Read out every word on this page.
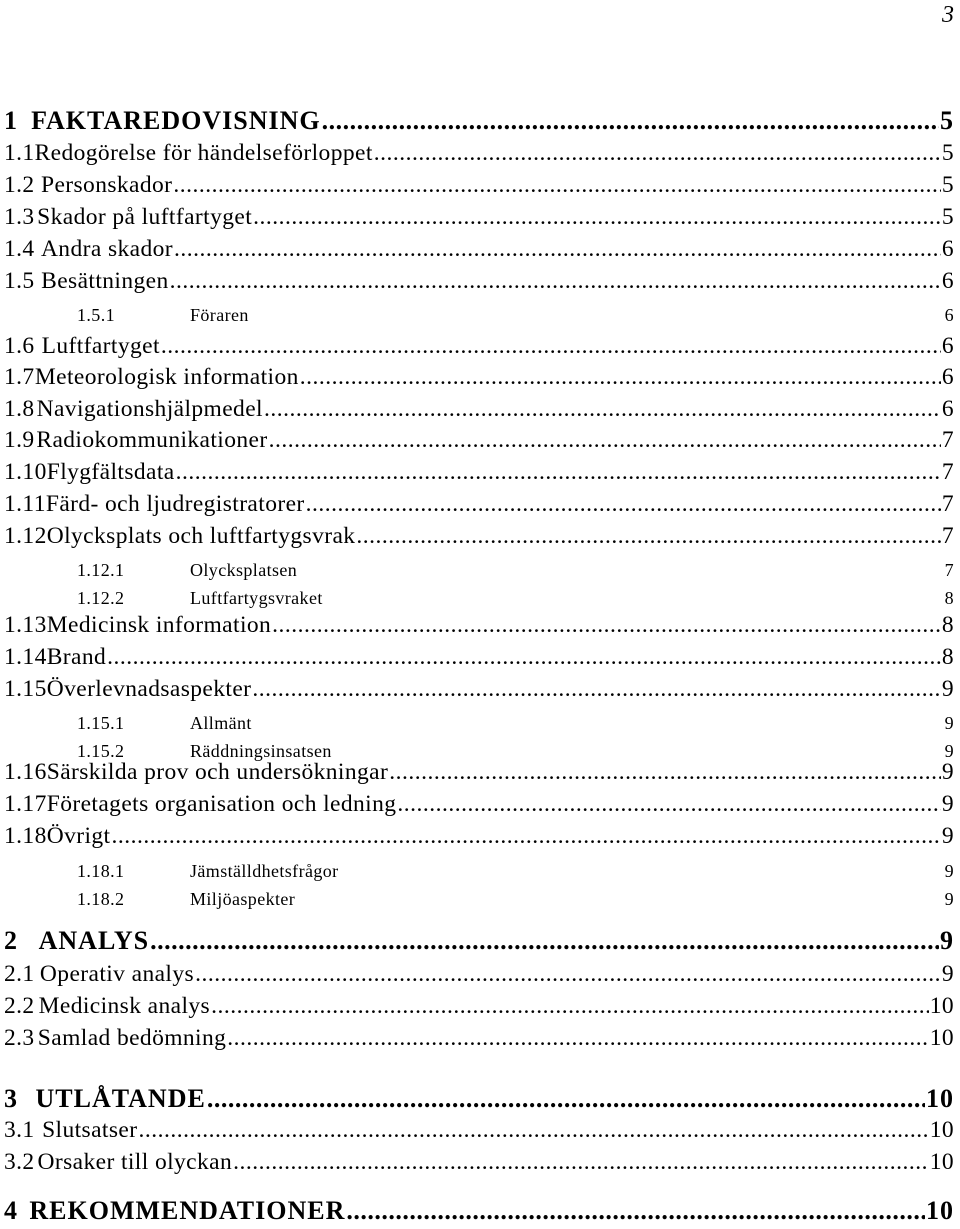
3
1 FAKTAREDOVISNING .....	5
1.1 Redogörelse för händelseförloppet .....	5
1.2 Personskador .....	5
1.3 Skador på luftfartyget .....	5
1.4 Andra skador .....	6
1.5 Besättningen .....	6
1.5.1	Föraren	6
1.6 Luftfartyget .....	6
1.7 Meteorologisk information .....	6
1.8 Navigationshjälpmedel .....	6
1.9 Radiokommunikationer .....	7
1.10 Flygfältsdata .....	7
1.11 Färd- och ljudregistratorer .....	7
1.12 Olycksplats och luftfartygsvrak .....	7
1.12.1	Olycksplatsen	7
1.12.2	Luftfartygsvraket	8
1.13 Medicinsk information .....	8
1.14 Brand .....	8
1.15 Överlevnadsaspekter .....	9
1.15.1	Allmänt	9
1.15.2	Räddningsinsatsen	9
1.16 Särskilda prov och undersökningar .....	9
1.17 Företagets organisation och ledning .....	9
1.18 Övrigt .....	9
1.18.1	Jämställdhetsfrågor	9
1.18.2	Miljöaspekter	9
2 ANALYS .....	9
2.1 Operativ analys .....	9
2.2 Medicinsk analys .....	10
2.3 Samlad bedömning .....	10
3 UTLÅTANDE .....	10
3.1 Slutsatser .....	10
3.2 Orsaker till olyckan .....	10
4 REKOMMENDATIONER .....	10
